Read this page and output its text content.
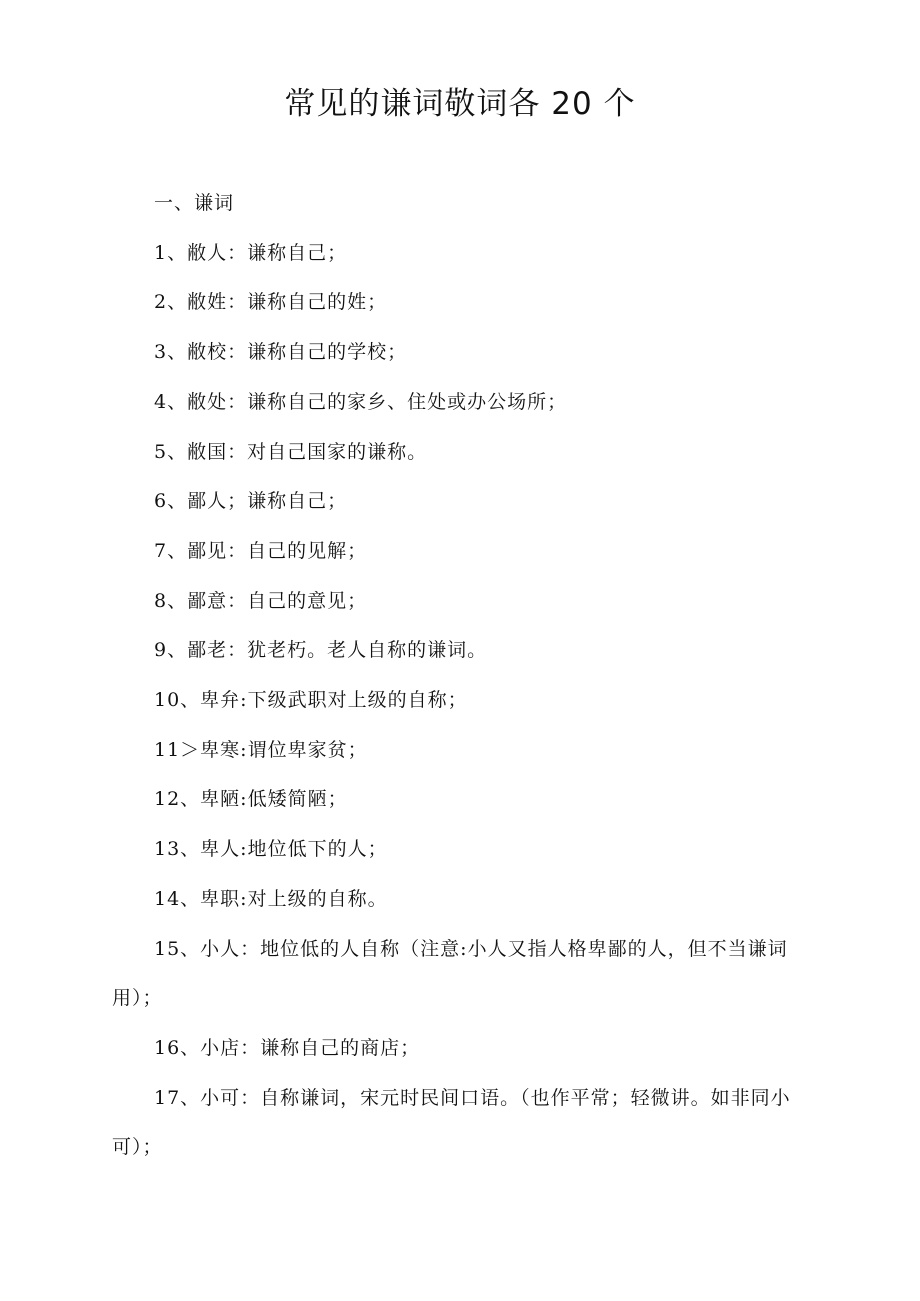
常见的谦词敬词各 20 个

一、谦词

1、敝人：谦称自己；

2、敝姓：谦称自己的姓；

3、敝校：谦称自己的学校；

4、敝处：谦称自己的家乡、住处或办公场所；

5、敝国：对自己国家的谦称。

6、鄙人；谦称自己；

7、鄙见：自己的见解；

8、鄙意：自己的意见；

9、鄙老：犹老朽。老人自称的谦词。

10、卑弁:下级武职对上级的自称；

11＞卑寒:谓位卑家贫；

12、卑陋:低矮简陋；

13、卑人:地位低下的人；

14、卑职:对上级的自称。

15、小人：地位低的人自称（注意:小人又指人格卑鄙的人，但不当谦词用）；

16、小店：谦称自己的商店；

17、小可：自称谦词，宋元时民间口语。（也作平常；轻微讲。如非同小可）；
